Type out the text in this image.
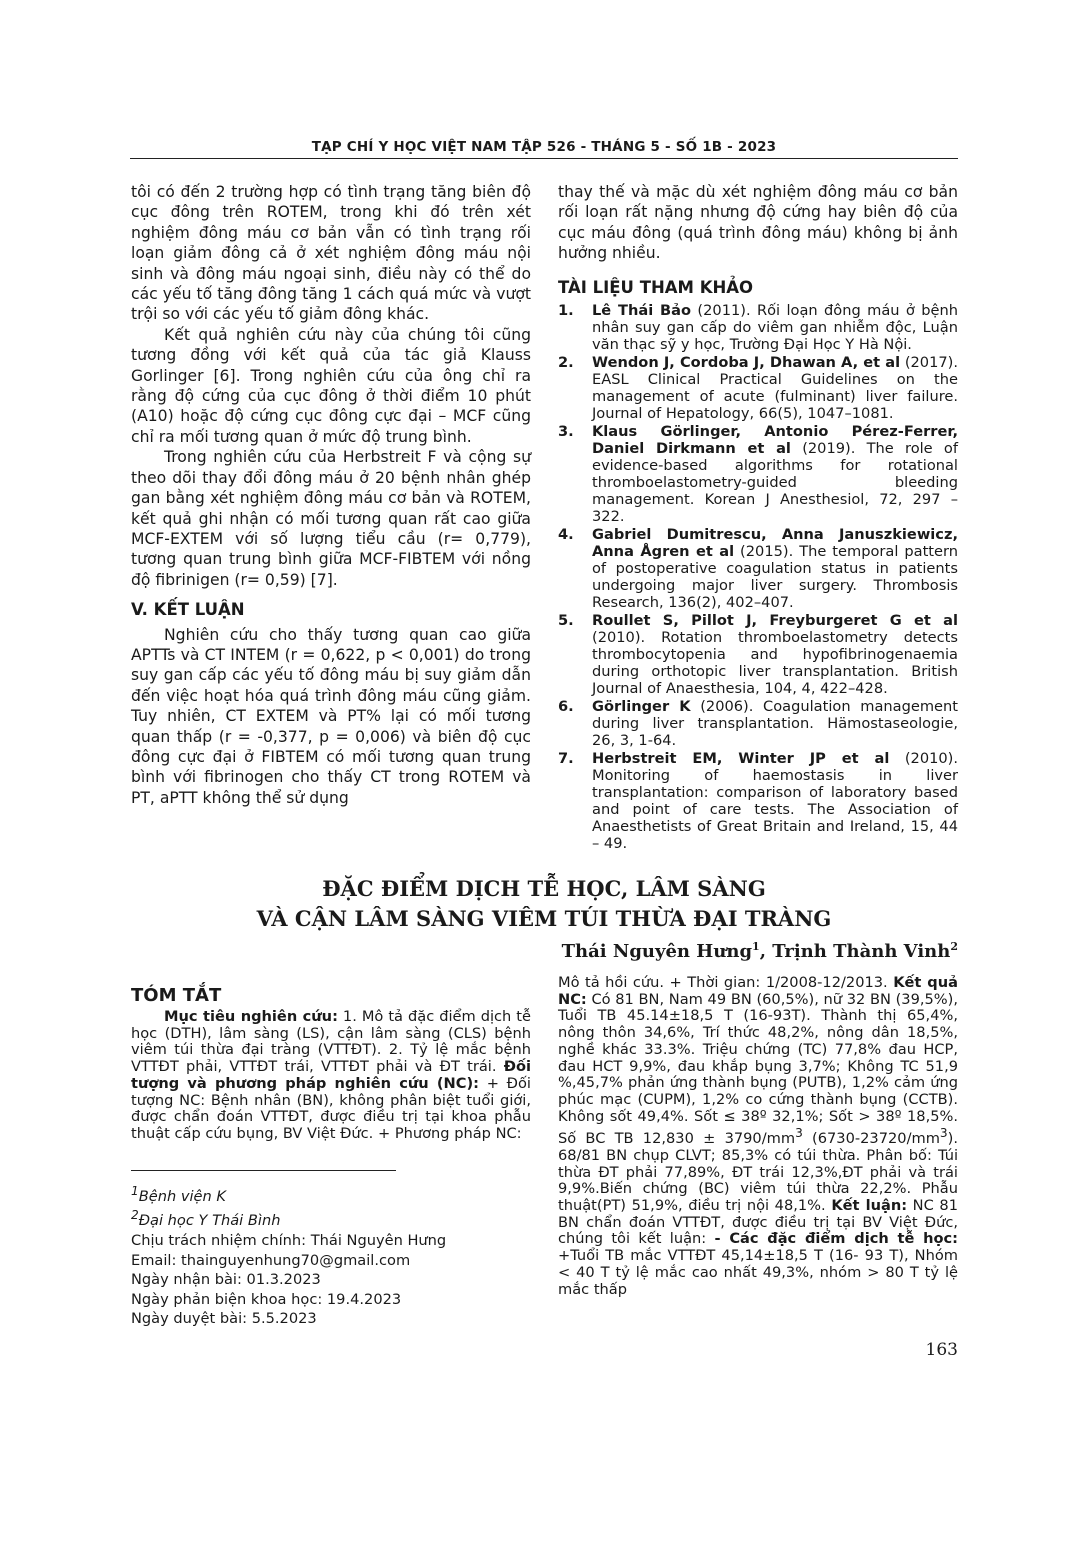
TẠP CHÍ Y HỌC VIỆT NAM TẬP 526 - THÁNG 5 - SỐ 1B - 2023

tôi có đến 2 trường hợp có tình trạng tăng biên độ cục đông trên ROTEM, trong khi đó trên xét nghiệm đông máu cơ bản vẫn có tình trạng rối loạn giảm đông cả ở xét nghiệm đông máu nội sinh và đông máu ngoại sinh, điều này có thể do các yếu tố tăng đông tăng 1 cách quá mức và vượt trội so với các yếu tố giảm đông khác.

Kết quả nghiên cứu này của chúng tôi cũng tương đồng với kết quả của tác giả Klauss Gorlinger [6]. Trong nghiên cứu của ông chỉ ra rằng độ cứng của cục đông ở thời điểm 10 phút (A10) hoặc độ cứng cục đông cực đại – MCF cũng chỉ ra mối tương quan ở mức độ trung bình.

Trong nghiên cứu của Herbstreit F và cộng sự theo dõi thay đổi đông máu ở 20 bệnh nhân ghép gan bằng xét nghiệm đông máu cơ bản và ROTEM, kết quả ghi nhận có mối tương quan rất cao giữa MCF-EXTEM với số lượng tiểu cầu (r= 0,779), tương quan trung bình giữa MCF-FIBTEM với nồng độ fibrinigen (r= 0,59) [7].

V. KẾT LUẬN

Nghiên cứu cho thấy tương quan cao giữa APTTs và CT INTEM (r = 0,622, p < 0,001) do trong suy gan cấp các yếu tố đông máu bị suy giảm dẫn đến việc hoạt hóa quá trình đông máu cũng giảm. Tuy nhiên, CT EXTEM và PT% lại có mối tương quan thấp (r = -0,377, p = 0,006) và biên độ cục đông cực đại ở FIBTEM có mối tương quan trung bình với fibrinogen cho thấy CT trong ROTEM và PT, aPTT không thể sử dụng

thay thế và mặc dù xét nghiệm đông máu cơ bản rối loạn rất nặng nhưng độ cứng hay biên độ của cục máu đông (quá trình đông máu) không bị ảnh hưởng nhiều.

TÀI LIỆU THAM KHẢO

1. Lê Thái Bảo (2011). Rối loạn đông máu ở bệnh nhân suy gan cấp do viêm gan nhiễm độc, Luận văn thạc sỹ y học, Trường Đại Học Y Hà Nội.
2. Wendon J, Cordoba J, Dhawan A, et al (2017). EASL Clinical Practical Guidelines on the management of acute (fulminant) liver failure. Journal of Hepatology, 66(5), 1047–1081.
3. Klaus Görlinger, Antonio Pérez-Ferrer, Daniel Dirkmann et al (2019). The role of evidence-based algorithms for rotational thromboelastometry-guided bleeding management. Korean J Anesthesiol, 72, 297 – 322.
4. Gabriel Dumitrescu, Anna Januszkiewicz, Anna Ågren et al (2015). The temporal pattern of postoperative coagulation status in patients undergoing major liver surgery. Thrombosis Research, 136(2), 402–407.
5. Roullet S, Pillot J, Freyburgeret G et al (2010). Rotation thromboelastometry detects thrombocytopenia and hypofibrinogenaemia during orthotopic liver transplantation. British Journal of Anaesthesia, 104, 4, 422–428.
6. Görlinger K (2006). Coagulation management during liver transplantation. Hämostaseologie, 26, 3, 1-64.
7. Herbstreit EM, Winter JP et al (2010). Monitoring of haemostasis in liver transplantation: comparison of laboratory based and point of care tests. The Association of Anaesthetists of Great Britain and Ireland, 15, 44 – 49.
ĐẶC ĐIỂM DỊCH TỄ HỌC, LÂM SÀNG
VÀ CẬN LÂM SÀNG VIÊM TÚI THỪA ĐẠI TRÀNG
Thái Nguyên Hưng$^1$, Trịnh Thành Vinh$^2$

TÓM TẮT

Mục tiêu nghiên cứu: 1. Mô tả đặc điểm dịch tễ học (DTH), lâm sàng (LS), cận lâm sàng (CLS) bệnh viêm túi thừa đại tràng (VTTĐT). 2. Tỷ lệ mắc bệnh VTTĐT phải, VTTĐT trái, VTTĐT phải và ĐT trái. Đối tượng và phương pháp nghiên cứu (NC): + Đối tượng NC: Bệnh nhân (BN), không phân biệt tuổi giới, được chẩn đoán VTTĐT, được điều trị tại khoa phẫu thuật cấp cứu bụng, BV Việt Đức. + Phương pháp NC:

Mô tả hồi cứu. + Thời gian: 1/2008-12/2013. Kết quả NC: Có 81 BN, Nam 49 BN (60,5%), nữ 32 BN (39,5%), Tuổi TB 45.14±18,5 T (16-93T). Thành thị 65,4%, nông thôn 34,6%, Trí thức 48,2%, nông dân 18,5%, nghề khác 33.3%. Triệu chứng (TC) 77,8% đau HCP, đau HCT 9,9%, đau khắp bụng 3,7%; Không TC 51,9 %,45,7% phản ứng thành bụng (PUTB), 1,2% cảm ứng phúc mạc (CUPM), 1,2% co cứng thành bụng (CCTB). Không sốt 49,4%. Sốt ≤ 38º 32,1%; Sốt > 38º 18,5%. Số BC TB $12,830 \pm 3790/mm^3$ $(6730-23720/mm^3)$. 68/81 BN chụp CLVT; 85,3% có túi thừa. Phân bố: Túi thừa ĐT phải 77,89%, ĐT trái 12,3%,ĐT phải và trái 9,9%.Biến chứng (BC) viêm túi thừa 22,2%. Phẫu thuật(PT) 51,9%, điều trị nội 48,1%. Kết luận: NC 81 BN chẩn đoán VTTĐT, được điều trị tại BV Việt Đức, chúng tôi kết luận: - Các đặc điểm dịch tễ học: +Tuổi TB mắc VTTĐT 45,14±18,5 T (16- 93 T), Nhóm < 40 T tỷ lệ mắc cao nhất 49,3%, nhóm > 80 T tỷ lệ mắc thấp

$^1$Bệnh viện K

$^2$Đại học Y Thái Bình

Chịu trách nhiệm chính: Thái Nguyên Hưng

Email: thainguyenhung70@gmail.com

Ngày nhận bài: 01.3.2023

Ngày phản biện khoa học: 19.4.2023

Ngày duyệt bài: 5.5.2023

163
